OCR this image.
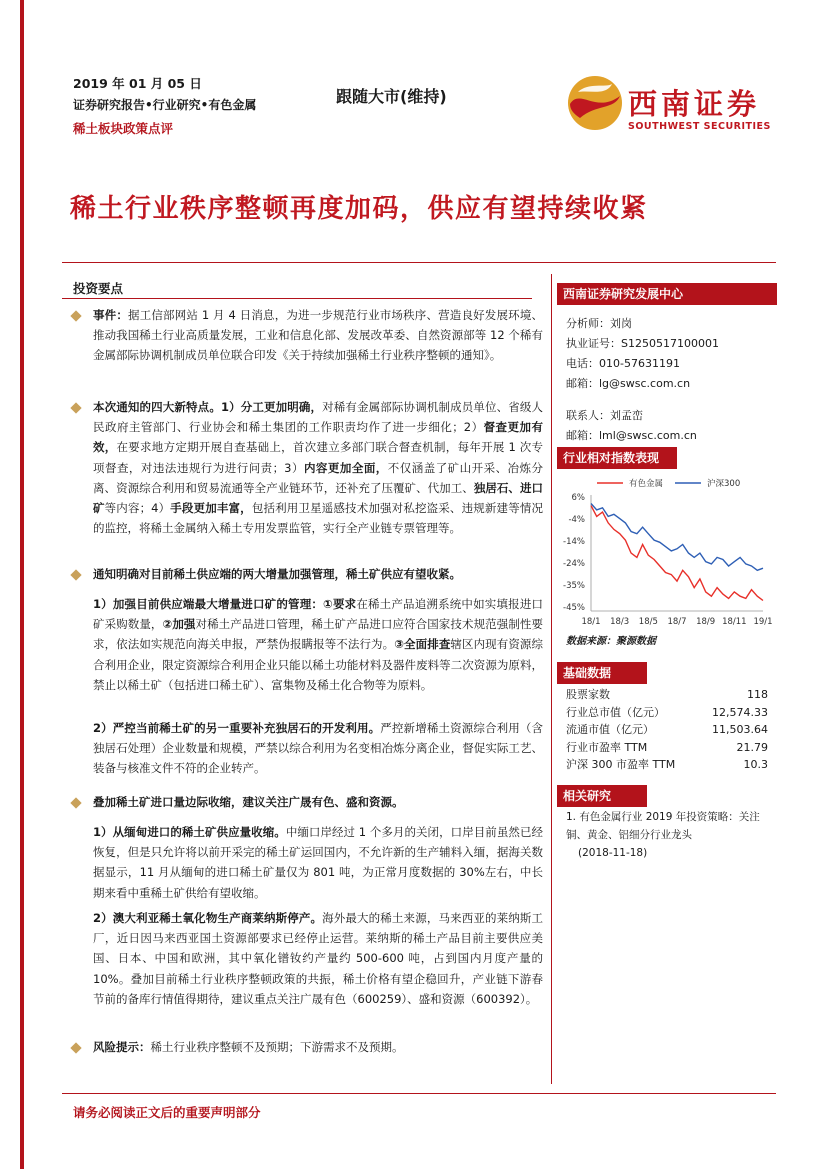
2019 年 01 月 05 日
证券研究报告•行业研究•有色金属
稀土板块政策点评
跟随大市(维持)	西南证券
SOUTHWEST SECURITIES
稀土行业秩序整顿再度加码，供应有望持续收紧
投资要点
事件：据工信部网站 1 月 4 日消息，为进一步规范行业市场秩序、营造良好发展环境、推动我国稀土行业高质量发展，工业和信息化部、发展改革委、自然资源部等 12 个稀有金属部际协调机制成员单位联合印发《关于持续加强稀土行业秩序整顿的通知》。
本次通知的四大新特点。1）分工更加明确，对稀有金属部际协调机制成员单位、省级人民政府主管部门、行业协会和稀土集团的工作职责均作了进一步细化；2）督查更加有效，在要求地方定期开展自查基础上，首次建立多部门联合督查机制，每年开展 1 次专项督查，对违法违规行为进行问责；3）内容更加全面，不仅涵盖了矿山开采、冶炼分离、资源综合利用和贸易流通等全产业链环节，还补充了压覆矿、代加工、独居石、进口矿等内容；4）手段更加丰富，包括利用卫星遥感技术加强对私挖盗采、违规新建等情况的监控，将稀土金属纳入稀土专用发票监管，实行全产业链专票管理等。
通知明确对目前稀土供应端的两大增量加强管理，稀土矿供应有望收紧。
1）加强目前供应端最大增量进口矿的管理：①要求在稀土产品追溯系统中如实填报进口矿采购数量，②加强对稀土产品进口管理，稀土矿产品进口应符合国家技术规范强制性要求，依法如实规范向海关申报，严禁伪报瞒报等不法行为。③全面排查辖区内现有资源综合利用企业，限定资源综合利用企业只能以稀土功能材料及器件废料等二次资源为原料，禁止以稀土矿（包括进口稀土矿）、富集物及稀土化合物等为原料。
2）严控当前稀土矿的另一重要补充独居石的开发利用。严控新增稀土资源综合利用（含独居石处理）企业数量和规模，严禁以综合利用为名变相冶炼分离企业，督促实际工艺、装备与核准文件不符的企业转产。
叠加稀土矿进口量边际收缩，建议关注广晟有色、盛和资源。
1）从缅甸进口的稀土矿供应量收缩。中缅口岸经过 1 个多月的关闭，口岸目前虽然已经恢复，但是只允许将以前开采完的稀土矿运回国内，不允许新的生产辅料入缅，据海关数据显示，11 月从缅甸的进口稀土矿量仅为 801 吨，为正常月度数据的 30%左右，中长期来看中重稀土矿供给有望收缩。
2）澳大利亚稀土氧化物生产商莱纳斯停产。海外最大的稀土来源，马来西亚的莱纳斯工厂，近日因马来西亚国土资源部要求已经停止运营。莱纳斯的稀土产品目前主要供应美国、日本、中国和欧洲，其中氧化镨钕约产量约 500-600 吨，占到国内月度产量的 10%。叠加目前稀土行业秩序整顿政策的共振，稀土价格有望企稳回升，产业链下游春节前的备库行情值得期待，建议重点关注广晟有色（600259）、盛和资源（600392）。
风险提示：稀土行业秩序整顿不及预期；下游需求不及预期。
西南证券研究发展中心
分析师：刘岗
执业证号：S1250517100001
电话：010-57631191
邮箱：lg@swsc.com.cn
联系人：刘孟峦
邮箱：lml@swsc.com.cn
行业相对指数表现
有色金属	沪深300
6%
-4%
-14%
-24%
-35%
-45%
18/1 18/3 18/5 18/7 18/9 18/11 19/1
数据来源：聚源数据
基础数据
股票家数	118
行业总市值（亿元）	12,574.33
流通市值（亿元）	11,503.64
行业市盈率 TTM	21.79
沪深 300 市盈率 TTM	10.3
相关研究
1. 有色金属行业 2019 年投资策略：关注铜、黄金、铝细分行业龙头
(2018-11-18)
请务必阅读正文后的重要声明部分
